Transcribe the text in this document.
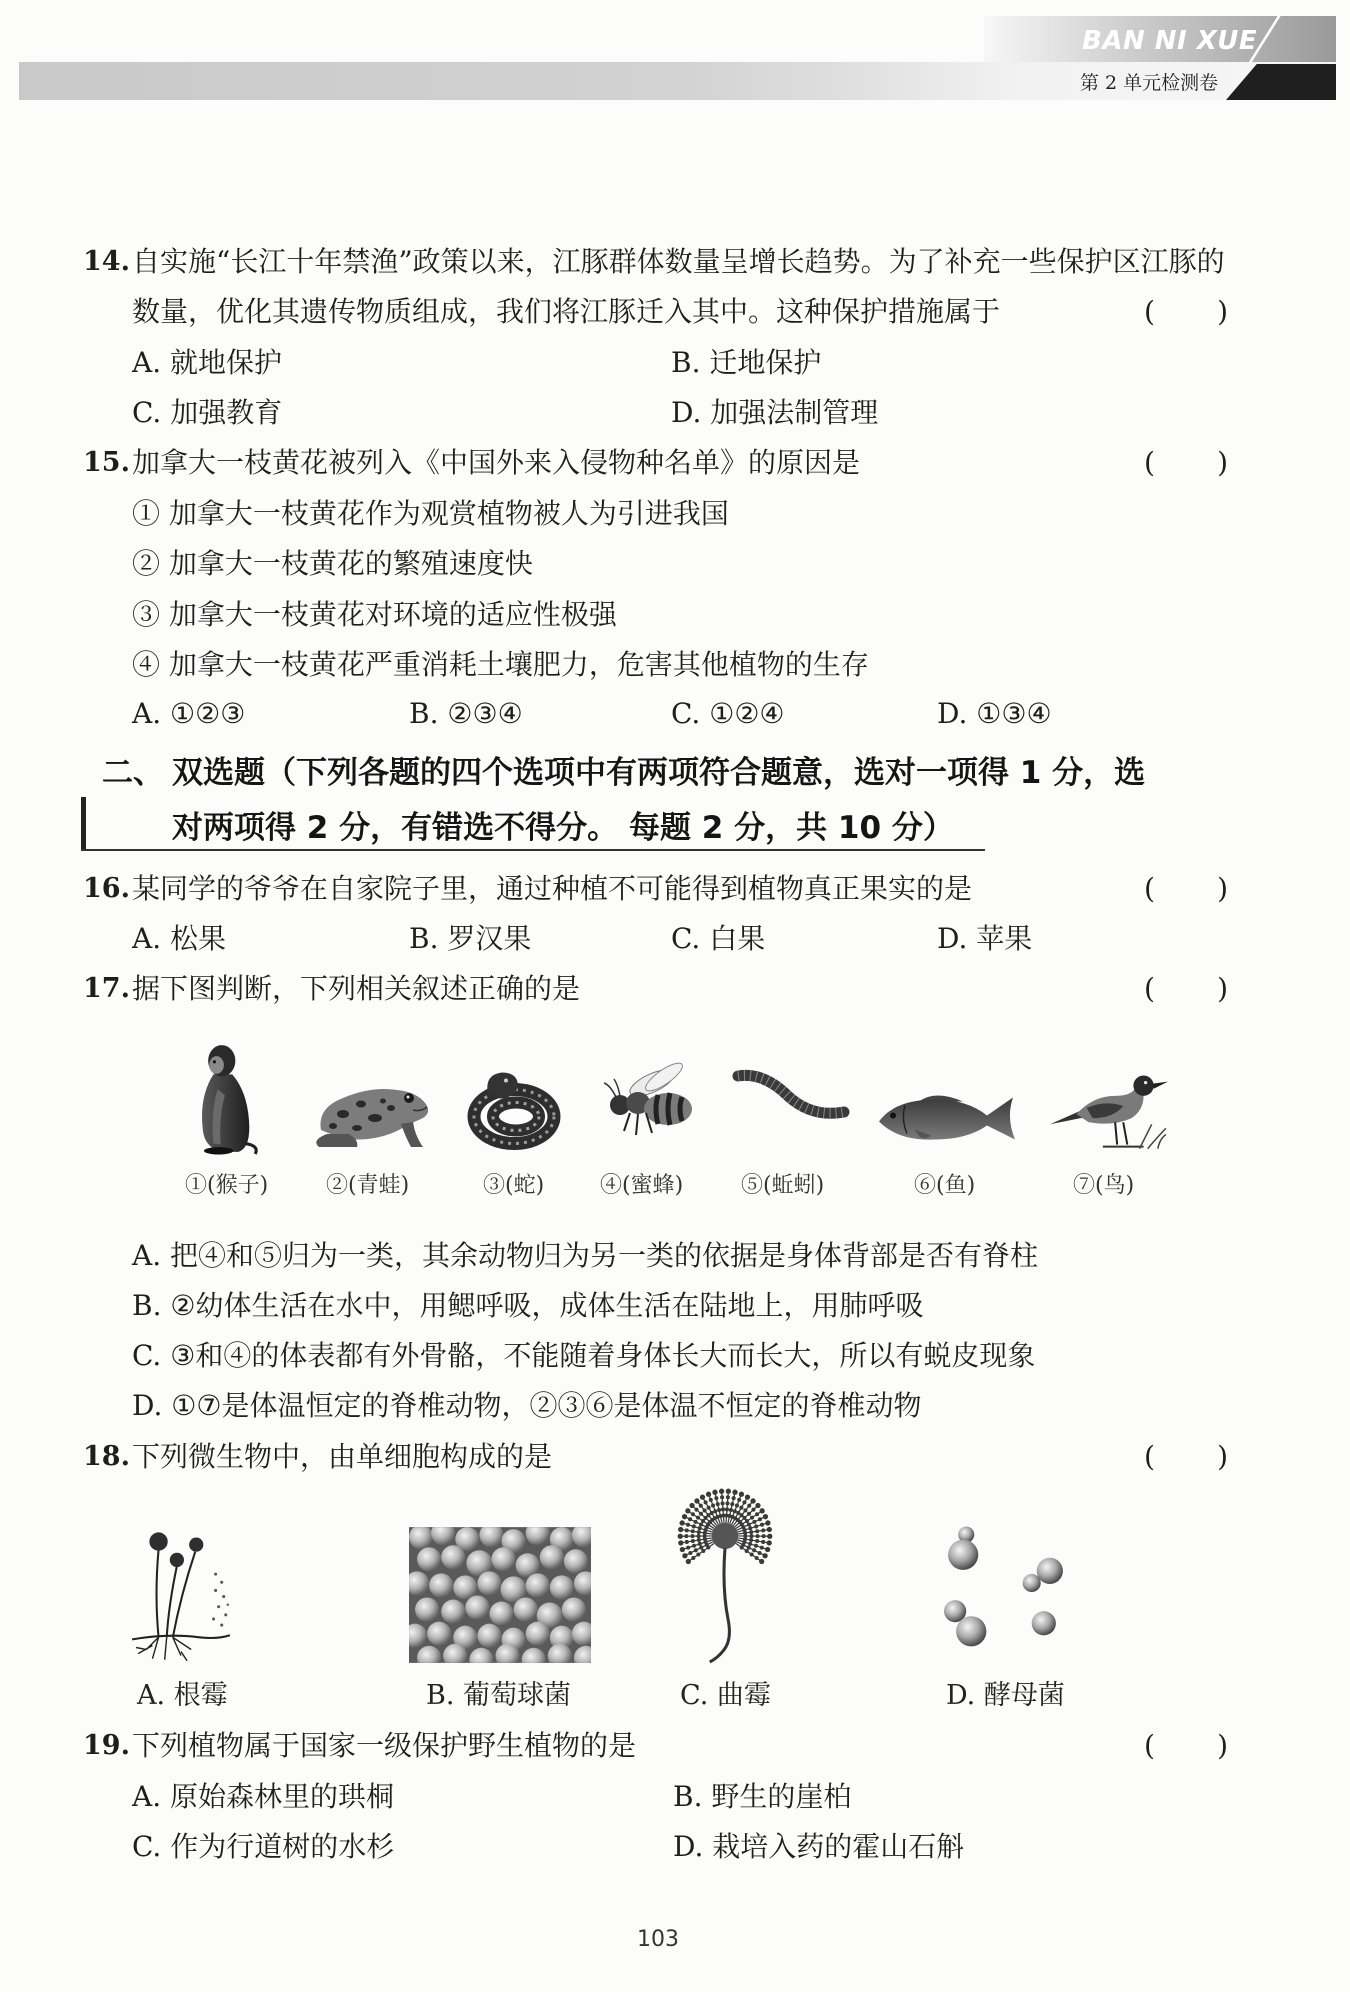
BAN NI XUE
第 2 单元检测卷
14. 自实施“长江十年禁渔”政策以来，江豚群体数量呈增长趋势。为了补充一些保护区江豚的
数量，优化其遗传物质组成，我们将江豚迁入其中。这种保护措施属于	( )
A. 就地保护	B. 迁地保护
C. 加强教育	D. 加强法制管理
15. 加拿大一枝黄花被列入《中国外来入侵物种名单》的原因是	( )
① 加拿大一枝黄花作为观赏植物被人为引进我国
② 加拿大一枝黄花的繁殖速度快
③ 加拿大一枝黄花对环境的适应性极强
④ 加拿大一枝黄花严重消耗土壤肥力，危害其他植物的生存
A. ①②③	B. ②③④	C. ①②④	D. ①③④
二、 双选题（下列各题的四个选项中有两项符合题意，选对一项得 1 分，选
对两项得 2 分，有错选不得分。 每题 2 分，共 10 分）
16. 某同学的爷爷在自家院子里，通过种植不可能得到植物真正果实的是	( )
A. 松果	B. 罗汉果	C. 白果	D. 苹果
17. 据下图判断，下列相关叙述正确的是	( )
①(猴子)	②(青蛙)	③(蛇)	④(蜜蜂)	⑤(蚯蚓)	⑥(鱼)	⑦(鸟)
A. 把④和⑤归为一类，其余动物归为另一类的依据是身体背部是否有脊柱
B. ②幼体生活在水中，用鳃呼吸，成体生活在陆地上，用肺呼吸
C. ③和④的体表都有外骨骼，不能随着身体长大而长大，所以有蜕皮现象
D. ①⑦是体温恒定的脊椎动物，②③⑥是体温不恒定的脊椎动物
18. 下列微生物中，由单细胞构成的是	( )
A. 根霉	B. 葡萄球菌	C. 曲霉	D. 酵母菌
19. 下列植物属于国家一级保护野生植物的是	( )
A. 原始森林里的珙桐	B. 野生的崖柏
C. 作为行道树的水杉	D. 栽培入药的霍山石斛
103
